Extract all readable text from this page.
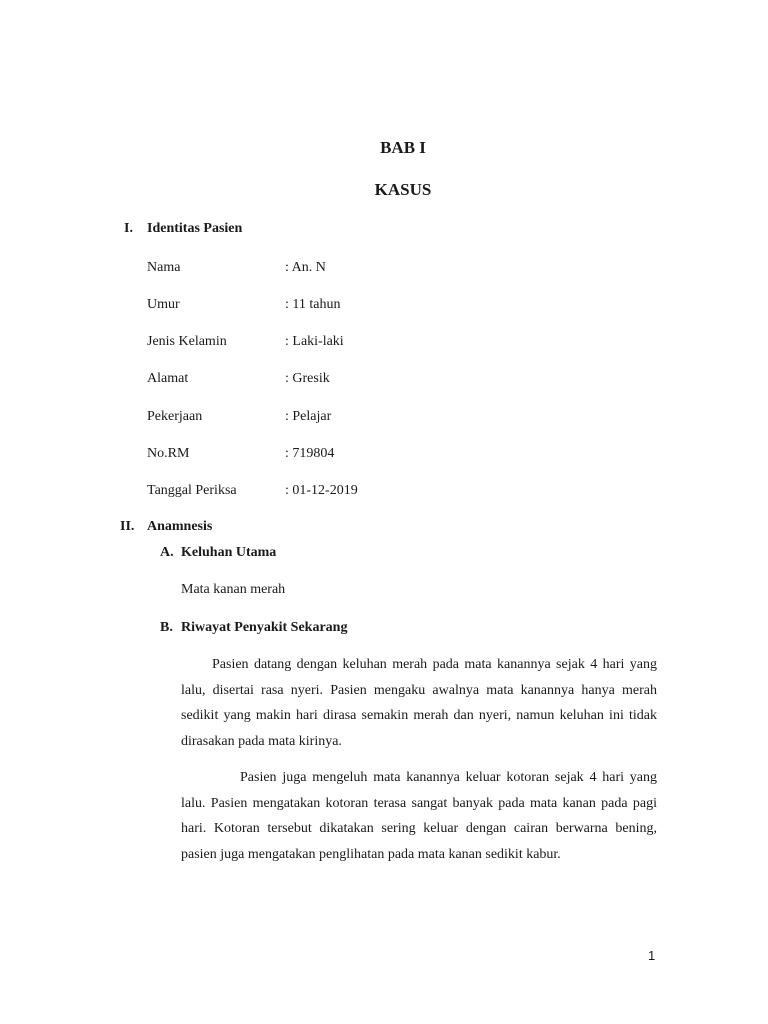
BAB I
KASUS
I. Identitas Pasien
Nama	: An. N
Umur	: 11 tahun
Jenis Kelamin	: Laki-laki
Alamat	: Gresik
Pekerjaan	: Pelajar
No.RM	: 719804
Tanggal Periksa	: 01-12-2019
II. Anamnesis
A. Keluhan Utama
Mata kanan merah
B. Riwayat Penyakit Sekarang
Pasien datang dengan keluhan merah pada mata kanannya sejak 4 hari yang lalu, disertai rasa nyeri. Pasien mengaku awalnya mata kanannya hanya merah sedikit yang makin hari dirasa semakin merah dan nyeri, namun keluhan ini tidak dirasakan pada mata kirinya.
Pasien juga mengeluh mata kanannya keluar kotoran sejak 4 hari yang lalu. Pasien mengatakan kotoran terasa sangat banyak pada mata kanan pada pagi hari. Kotoran tersebut dikatakan sering keluar dengan cairan berwarna bening, pasien juga mengatakan penglihatan pada mata kanan sedikit kabur.
1
